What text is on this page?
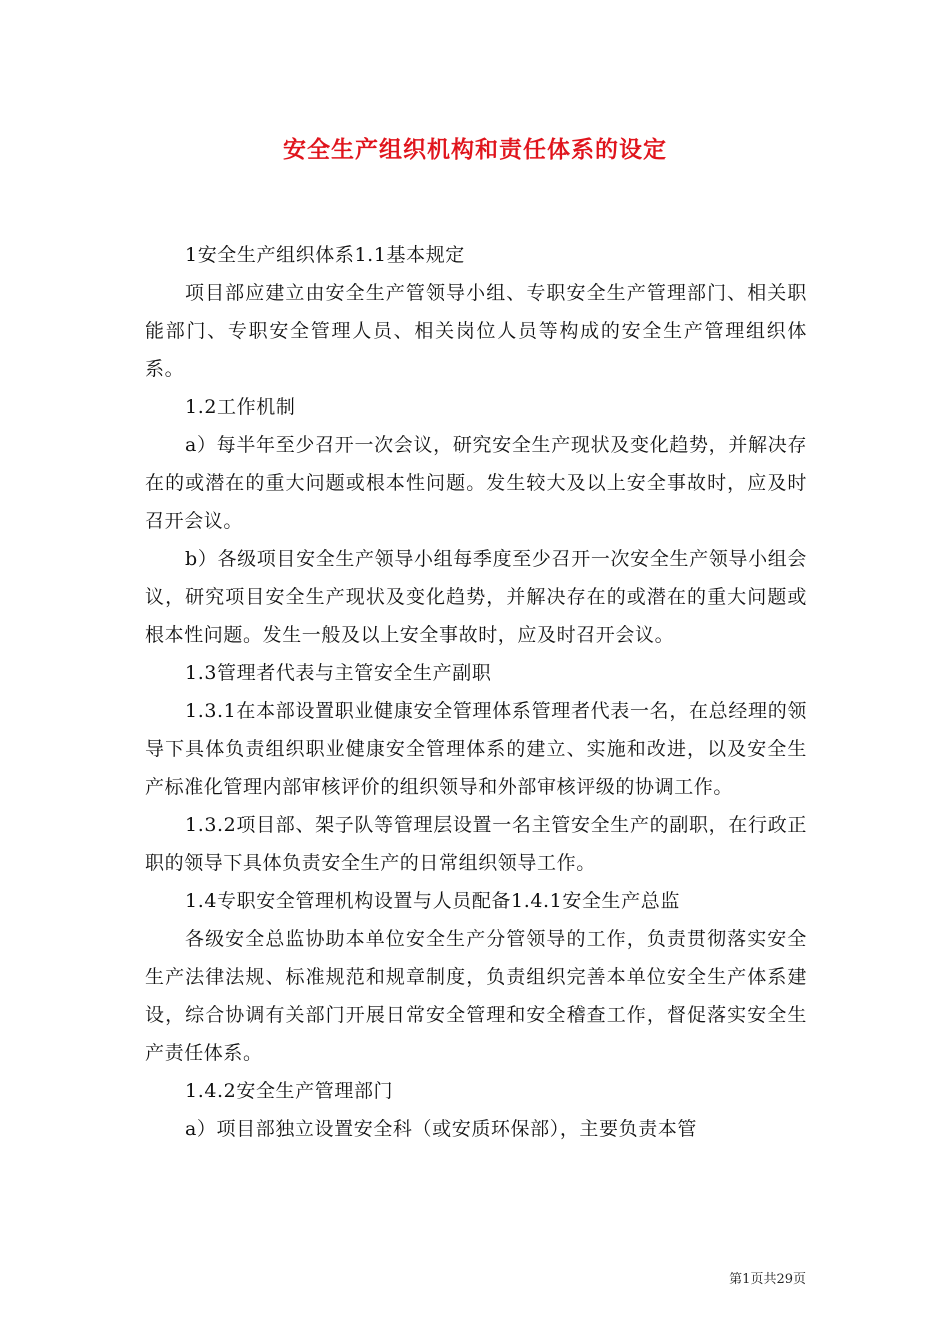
安全生产组织机构和责任体系的设定

1安全生产组织体系1.1基本规定

项目部应建立由安全生产管领导小组、专职安全生产管理部门、相关职能部门、专职安全管理人员、相关岗位人员等构成的安全生产管理组织体系。

1.2工作机制

a）每半年至少召开一次会议，研究安全生产现状及变化趋势，并解决存在的或潜在的重大问题或根本性问题。发生较大及以上安全事故时，应及时召开会议。

b）各级项目安全生产领导小组每季度至少召开一次安全生产领导小组会议，研究项目安全生产现状及变化趋势，并解决存在的或潜在的重大问题或根本性问题。发生一般及以上安全事故时，应及时召开会议。

1.3管理者代表与主管安全生产副职

1.3.1在本部设置职业健康安全管理体系管理者代表一名，在总经理的领导下具体负责组织职业健康安全管理体系的建立、实施和改进，以及安全生产标准化管理内部审核评价的组织领导和外部审核评级的协调工作。

1.3.2项目部、架子队等管理层设置一名主管安全生产的副职，在行政正职的领导下具体负责安全生产的日常组织领导工作。

1.4专职安全管理机构设置与人员配备1.4.1安全生产总监

各级安全总监协助本单位安全生产分管领导的工作，负责贯彻落实安全生产法律法规、标准规范和规章制度，负责组织完善本单位安全生产体系建设，综合协调有关部门开展日常安全管理和安全稽查工作，督促落实安全生产责任体系。

1.4.2安全生产管理部门

a）项目部独立设置安全科（或安质环保部），主要负责本管

第1页共29页
